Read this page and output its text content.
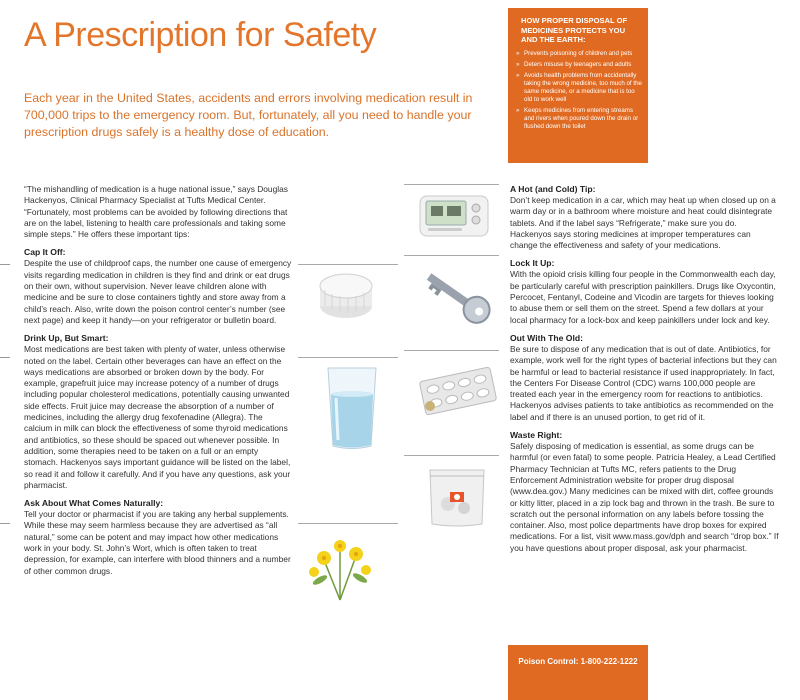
A Prescription for Safety
Each year in the United States, accidents and errors involving medication result in 700,000 trips to the emergency room. But, fortunately, all you need to handle your prescription drugs safely is a healthy dose of education.
HOW PROPER DISPOSAL OF MEDICINES PROTECTS YOU AND THE EARTH:
» Prevents poisoning of children and pets
» Deters misuse by teenagers and adults
» Avoids health problems from accidentally taking the wrong medicine, too much of the same medicine, or a medicine that is too old to work well
» Keeps medicines from entering streams and rivers when poured down the drain or flushed down the toilet

“The mishandling of medication is a huge national issue,” says Douglas Hackenyos, Clinical Pharmacy Specialist at Tufts Medical Center. “Fortunately, most problems can be avoided by following directions that are on the label, listening to health care professionals and taking some simple steps.” He offers these important tips:

Cap It Off:

Despite the use of childproof caps, the number one cause of emergency visits regarding medication in children is they find and drink or eat drugs on their own, without supervision. Never leave children alone with medicine and be sure to close containers tightly and store away from a child’s reach. Also, write down the poison control center’s number (see next page) and keep it handy—on your refrigerator or bulletin board.

Drink Up, But Smart:

Most medications are best taken with plenty of water, unless otherwise noted on the label. Certain other beverages can have an effect on the ways medications are absorbed or broken down by the body. For example, grapefruit juice may increase potency of a number of drugs including popular cholesterol medications, potentially causing unwanted side effects. Fruit juice may decrease the absorption of a number of medicines, including the allergy drug fexofenadine (Allegra). The calcium in milk can block the effectiveness of some thyroid medications and antibiotics, so these should be spaced out whenever possible. In addition, some therapies need to be taken on a full or an empty stomach. Hackenyos says important guidance will be listed on the label, so read it and follow it carefully. And if you have any questions, ask your pharmacist.

Ask About What Comes Naturally:

Tell your doctor or pharmacist if you are taking any herbal supplements. While these may seem harmless because they are advertised as “all natural,” some can be potent and may impact how other medications work in your body. St. John’s Wort, which is often taken to treat depression, for example, can interfere with blood thinners and a number of other common drugs.

A Hot (and Cold) Tip:

Don’t keep medication in a car, which may heat up when closed up on a warm day or in a bathroom where moisture and heat could disintegrate tablets. And if the label says “Refrigerate,” make sure you do. Hackenyos says storing medicines at improper temperatures can change the effectiveness and safety of your medications.

Lock It Up:

With the opioid crisis killing four people in the Commonwealth each day, be particularly careful with prescription painkillers. Drugs like Oxycontin, Percocet, Fentanyl, Codeine and Vicodin are targets for thieves looking to abuse them or sell them on the street. Spend a few dollars at your local pharmacy for a lock-box and keep painkillers under lock and key.

Out With The Old:

Be sure to dispose of any medication that is out of date. Antibiotics, for example, work well for the right types of bacterial infections but they can be harmful or lead to bacterial resistance if used inappropriately. In fact, the Centers For Disease Control (CDC) warns 100,000 people are treated each year in the emergency room for reactions to antibiotics. Hackenyos advises patients to take antibiotics as recommended on the label and if there is an unused portion, to get rid of it.

Waste Right:

Safely disposing of medication is essential, as some drugs can be harmful (or even fatal) to some people. Patricia Healey, a Lead Certified Pharmacy Technician at Tufts MC, refers patients to the Drug Enforcement Administration website for proper drug disposal (www.dea.gov.) Many medicines can be mixed with dirt, coffee grounds or kitty litter, placed in a zip lock bag and thrown in the trash. Be sure to scratch out the personal information on any labels before tossing the container. Also, most police departments have drop boxes for expired medications. For a list, visit www.mass.gov/dph and search “drop box.” If you have questions about proper disposal, ask your pharmacist.

Poison Control: 1-800-222-1222
